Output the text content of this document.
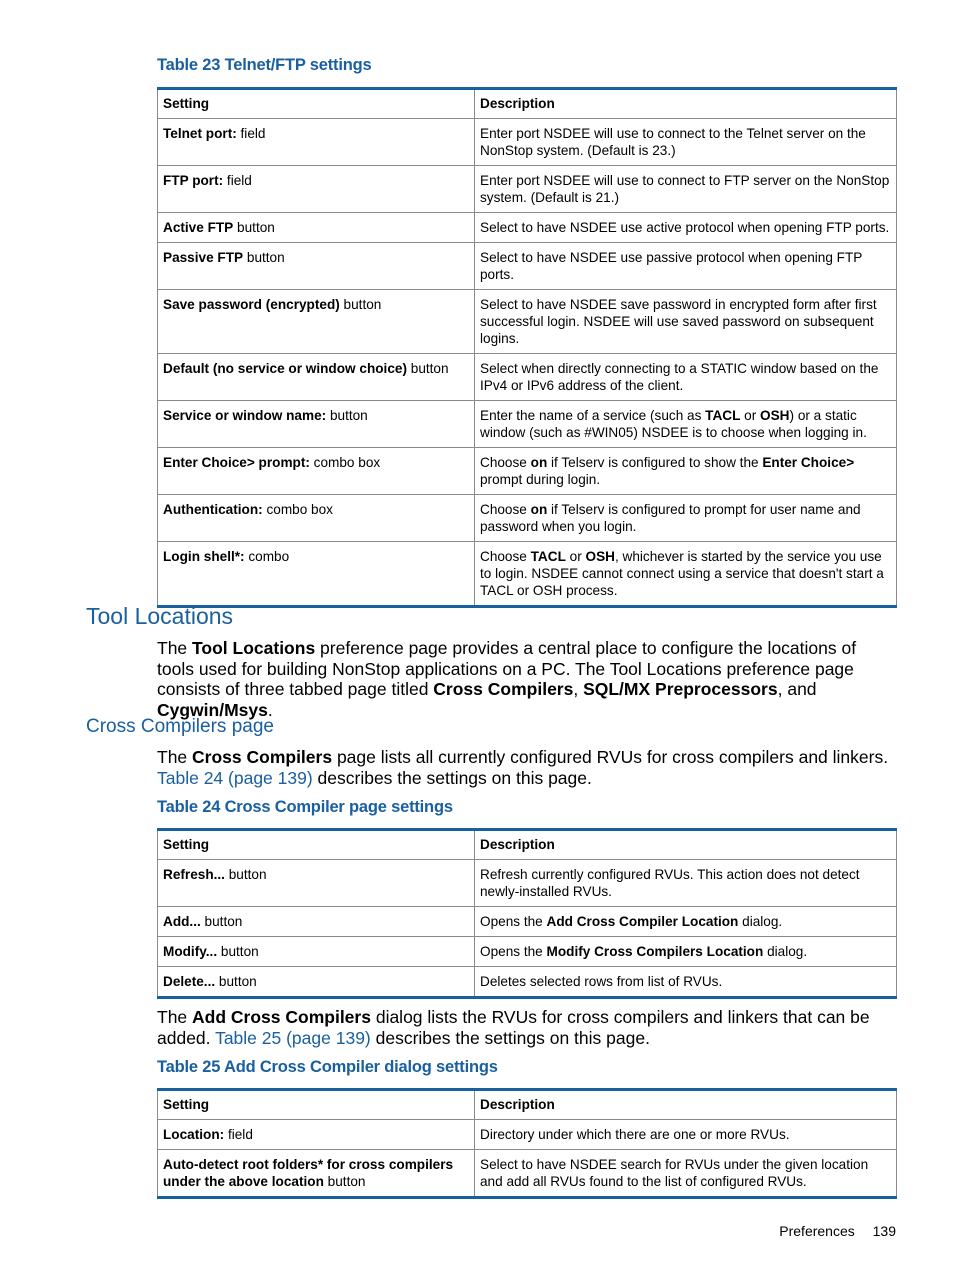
Table 23 Telnet/FTP settings
Setting	Description
Telnet port: field	Enter port NSDEE will use to connect to the Telnet server on the NonStop system. (Default is 23.)
FTP port: field	Enter port NSDEE will use to connect to FTP server on the NonStop system. (Default is 21.)
Active FTP button	Select to have NSDEE use active protocol when opening FTP ports.
Passive FTP button	Select to have NSDEE use passive protocol when opening FTP ports.
Save password (encrypted) button	Select to have NSDEE save password in encrypted form after first successful login. NSDEE will use saved password on subsequent logins.
Default (no service or window choice) button	Select when directly connecting to a STATIC window based on the IPv4 or IPv6 address of the client.
Service or window name: button	Enter the name of a service (such as TACL or OSH) or a static window (such as #WIN05) NSDEE is to choose when logging in.
Enter Choice> prompt: combo box	Choose on if Telserv is configured to show the Enter Choice> prompt during login.
Authentication: combo box	Choose on if Telserv is configured to prompt for user name and password when you login.
Login shell*: combo	Choose TACL or OSH, whichever is started by the service you use to login. NSDEE cannot connect using a service that doesn't start a TACL or OSH process.
Tool Locations
The Tool Locations preference page provides a central place to configure the locations of tools used for building NonStop applications on a PC. The Tool Locations preference page consists of three tabbed page titled Cross Compilers, SQL/MX Preprocessors, and Cygwin/Msys.
Cross Compilers page
The Cross Compilers page lists all currently configured RVUs for cross compilers and linkers. Table 24 (page 139) describes the settings on this page.
Table 24 Cross Compiler page settings
Setting	Description
Refresh... button	Refresh currently configured RVUs. This action does not detect newly-installed RVUs.
Add... button	Opens the Add Cross Compiler Location dialog.
Modify... button	Opens the Modify Cross Compilers Location dialog.
Delete... button	Deletes selected rows from list of RVUs.
The Add Cross Compilers dialog lists the RVUs for cross compilers and linkers that can be added. Table 25 (page 139) describes the settings on this page.
Table 25 Add Cross Compiler dialog settings
Setting	Description
Location: field	Directory under which there are one or more RVUs.
Auto-detect root folders* for cross compilers under the above location button	Select to have NSDEE search for RVUs under the given location and add all RVUs found to the list of configured RVUs.
Preferences 139
